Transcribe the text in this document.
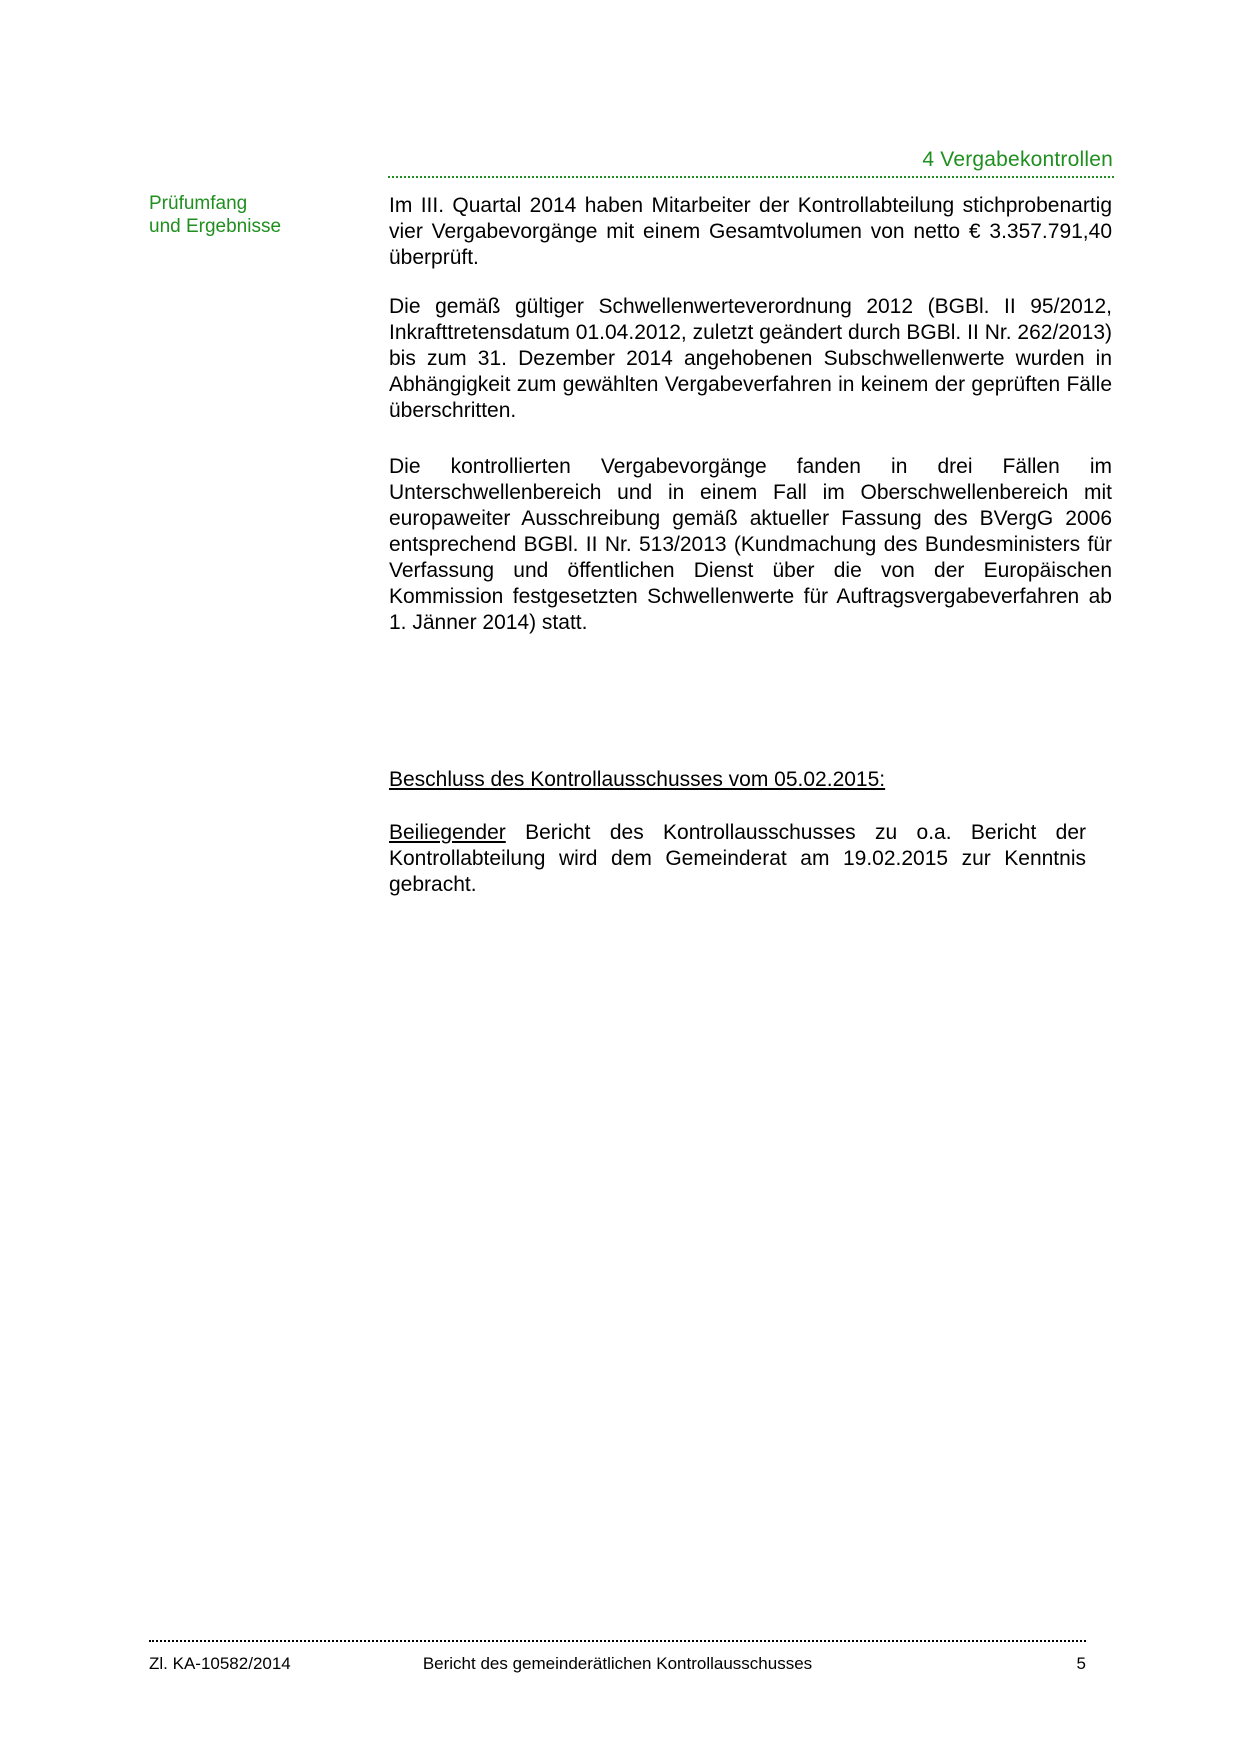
4 Vergabekontrollen
Prüfumfang
und Ergebnisse

Im III. Quartal 2014 haben Mitarbeiter der Kontrollabteilung stichprobenartig vier Vergabevorgänge mit einem Gesamtvolumen von netto € 3.357.791,40 überprüft.

Die gemäß gültiger Schwellenwerteverordnung 2012 (BGBl. II 95/2012, Inkrafttretensdatum 01.04.2012, zuletzt geändert durch BGBl. II Nr. 262/2013) bis zum 31. Dezember 2014 angehobenen Subschwellenwerte wurden in Abhängigkeit zum gewählten Vergabeverfahren in keinem der geprüften Fälle überschritten.

Die kontrollierten Vergabevorgänge fanden in drei Fällen im Unterschwellenbereich und in einem Fall im Oberschwellenbereich mit europaweiter Ausschreibung gemäß aktueller Fassung des BVergG 2006 entsprechend BGBl. II Nr. 513/2013 (Kundmachung des Bundesministers für Verfassung und öffentlichen Dienst über die von der Europäischen Kommission festgesetzten Schwellenwerte für Auftragsvergabeverfahren ab 1. Jänner 2014) statt.

Beschluss des Kontrollausschusses vom 05.02.2015:

Beiliegender Bericht des Kontrollausschusses zu o.a. Bericht der Kontrollabteilung wird dem Gemeinderat am 19.02.2015 zur Kenntnis gebracht.

Zl. KA-10582/2014	Bericht des gemeinderätlichen Kontrollausschusses	5
